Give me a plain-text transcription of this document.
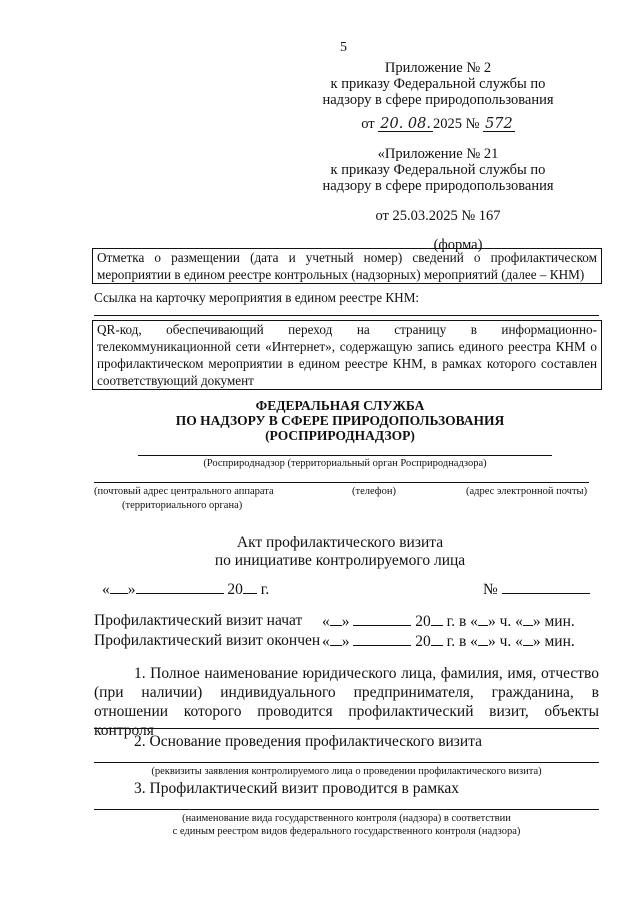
5
Приложение № 2
к приказу Федеральной службы по
надзору в сфере природопользования
от 20. 08. 2025 № 572
«Приложение № 21
к приказу Федеральной службы по
надзору в сфере природопользования
от 25.03.2025 № 167
(форма)
Отметка о размещении (дата и учетный номер) сведений о профилактическом мероприятии в едином реестре контрольных (надзорных) мероприятий (далее – КНМ)
Ссылка на карточку мероприятия в едином реестре КНМ:
QR-код, обеспечивающий переход на страницу в информационно-телекоммуникационной сети «Интернет», содержащую запись единого реестра КНМ о профилактическом мероприятии в едином реестре КНМ, в рамках которого составлен соответствующий документ
ФЕДЕРАЛЬНАЯ СЛУЖБА
ПО НАДЗОРУ В СФЕРЕ ПРИРОДОПОЛЬЗОВАНИЯ
(РОСПРИРОДНАДЗОР)
(Росприроднадзор (территориальный орган Росприроднадзора)
(почтовый адрес центрального аппарата
(территориального органа)
(телефон)	(адрес электронной почты)
Акт профилактического визита
по инициативе контролируемого лица
« »	20 г.	№
Профилактический визит начат « »	20 г. в « » ч. « » мин.
Профилактический визит окончен « »	20 г. в « » ч. « » мин.
1. Полное наименование юридического лица, фамилия, имя, отчество (при наличии) индивидуального предпринимателя, гражданина, в отношении которого проводится профилактический визит, объекты контроля
2. Основание проведения профилактического визита
(реквизиты заявления контролируемого лица о проведении профилактического визита)
3. Профилактический визит проводится в рамках
(наименование вида государственного контроля (надзора) в соответствии
с единым реестром видов федерального государственного контроля (надзора)
